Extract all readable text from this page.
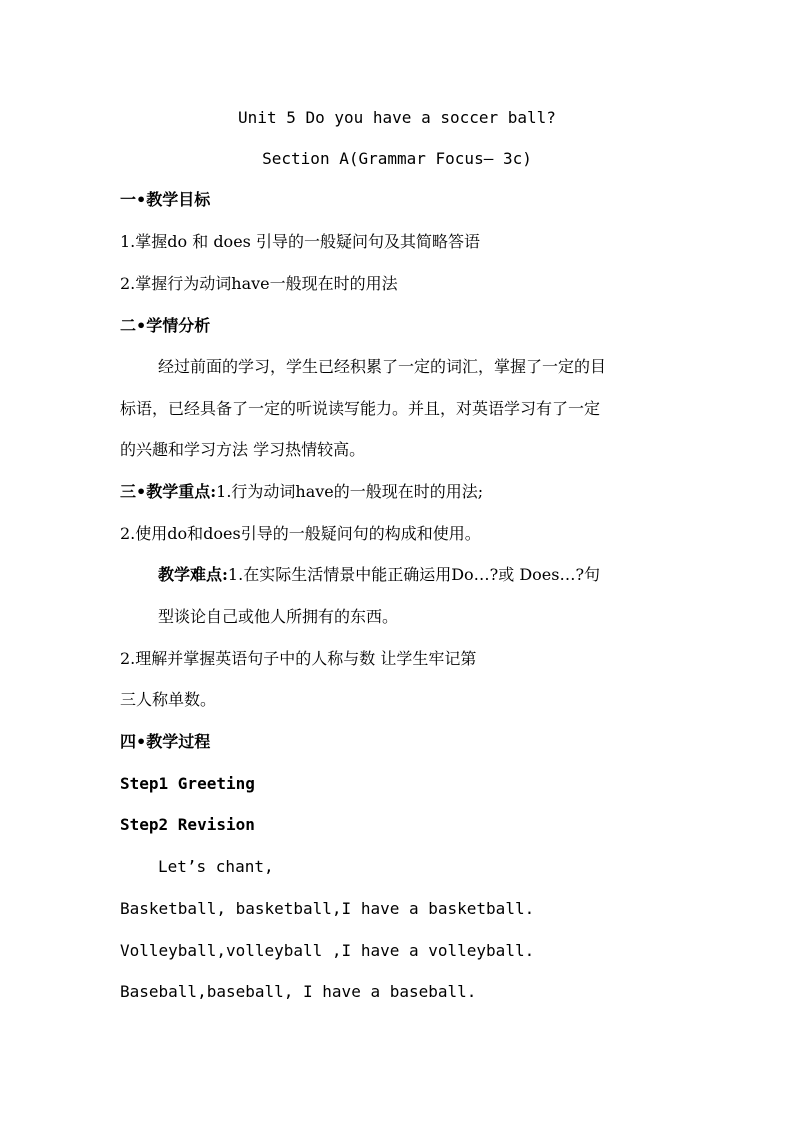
Unit 5 Do you have a soccer ball?
Section A(Grammar Focus— 3c)
一•教学目标
1.掌握do 和 does 引导的一般疑问句及其简略答语
2.掌握行为动词have一般现在时的用法
二•学情分析
经过前面的学习，学生已经积累了一定的词汇，掌握了一定的目
标语，已经具备了一定的听说读写能力。并且，对英语学习有了一定
的兴趣和学习方法 学习热情较高。
三•教学重点:1.行为动词have的一般现在时的用法;
2.使用do和does引导的一般疑问句的构成和使用。
教学难点:1.在实际生活情景中能正确运用Do…?或 Does…?句
型谈论自己或他人所拥有的东西。
2.理解并掌握英语句子中的人称与数 让学生牢记第
三人称单数。
四•教学过程
Step1 Greeting
Step2 Revision
Let’s chant,
Basketball, basketball,I have a basketball.
Volleyball,volleyball ,I have a volleyball.
Baseball,baseball, I have a baseball.
